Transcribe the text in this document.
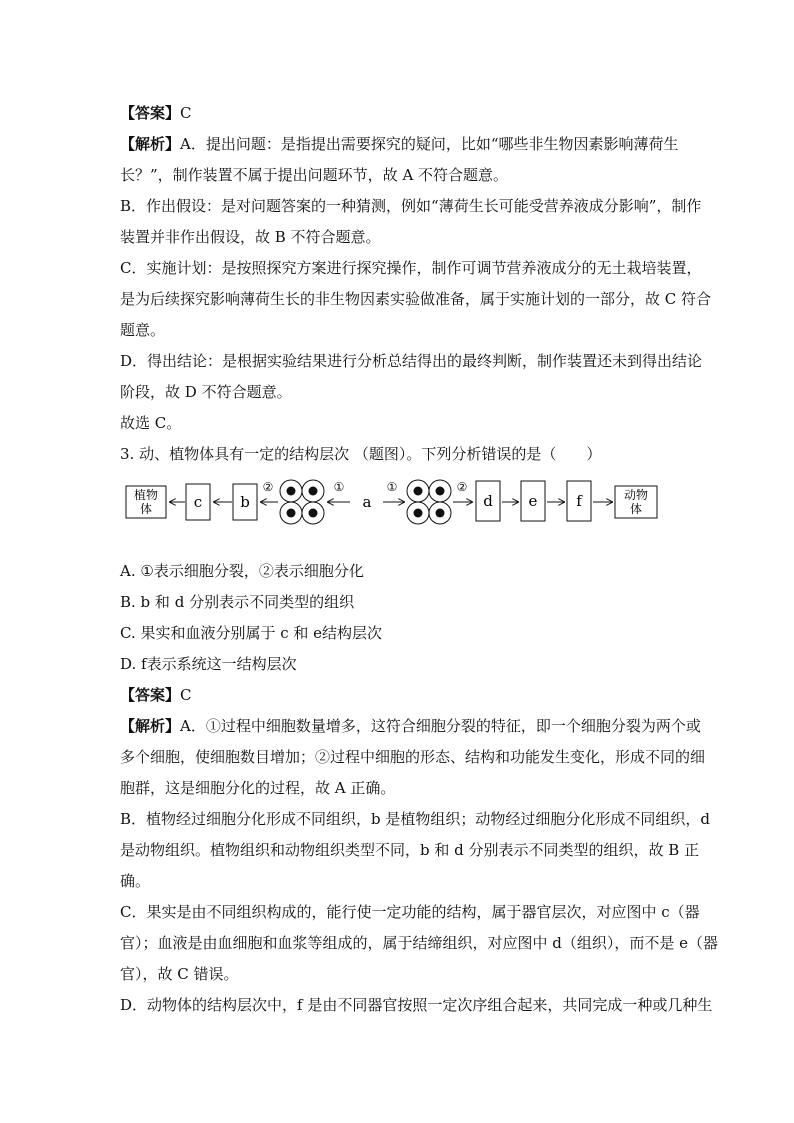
【答案】C

【解析】A．提出问题：是指提出需要探究的疑问，比如“哪些非生物因素影响薄荷生

长？”，制作装置不属于提出问题环节，故 A 不符合题意。

B．作出假设：是对问题答案的一种猜测，例如“薄荷生长可能受营养液成分影响”，制作

装置并非作出假设，故 B 不符合题意。

C．实施计划：是按照探究方案进行探究操作，制作可调节营养液成分的无土栽培装置，

是为后续探究影响薄荷生长的非生物因素实验做准备，属于实施计划的一部分，故 C 符合

题意。

D．得出结论：是根据实验结果进行分析总结得出的最终判断，制作装置还未到得出结论

阶段，故 D 不符合题意。

故选 C。

3. 动、植物体具有一定的结构层次 （题图）。下列分析错误的是（　　）

植物
体	c	b
②	①
a
①	②
d e	f	动物
体

A. ①表示细胞分裂，②表示细胞分化

B. b 和 d 分别表示不同类型的组织

C. 果实和血液分别属于 c 和 e结构层次

D. f表示系统这一结构层次

【答案】C

【解析】A．①过程中细胞数量增多，这符合细胞分裂的特征，即一个细胞分裂为两个或

多个细胞，使细胞数目增加；②过程中细胞的形态、结构和功能发生变化，形成不同的细

胞群，这是细胞分化的过程，故 A 正确。

B．植物经过细胞分化形成不同组织，b 是植物组织；动物经过细胞分化形成不同组织，d

是动物组织。植物组织和动物组织类型不同，b 和 d 分别表示不同类型的组织，故 B 正

确。

C．果实是由不同组织构成的，能行使一定功能的结构，属于器官层次，对应图中 c（器

官）；血液是由血细胞和血浆等组成的，属于结缔组织，对应图中 d（组织），而不是 e（器

官），故 C 错误。

D．动物体的结构层次中，f 是由不同器官按照一定次序组合起来，共同完成一种或几种生
